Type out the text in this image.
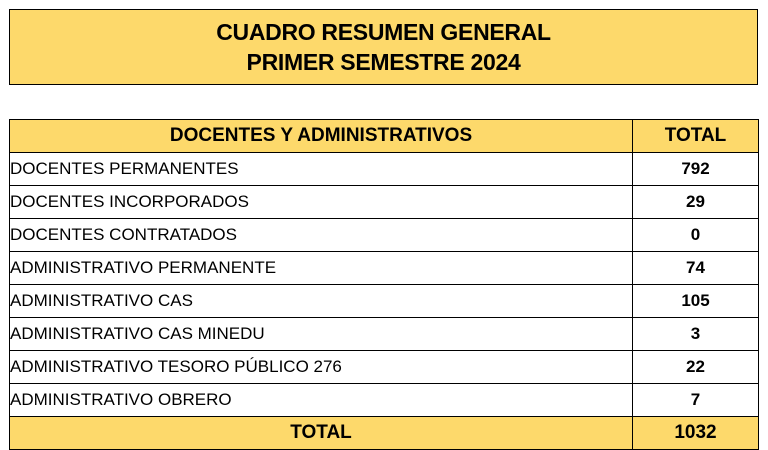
CUADRO RESUMEN GENERAL
PRIMER SEMESTRE 2024
DOCENTES Y ADMINISTRATIVOS	TOTAL
DOCENTES PERMANENTES	792
DOCENTES INCORPORADOS	29
DOCENTES CONTRATADOS	0
ADMINISTRATIVO PERMANENTE	74
ADMINISTRATIVO CAS	105
ADMINISTRATIVO CAS MINEDU	3
ADMINISTRATIVO TESORO PÚBLICO 276	22
ADMINISTRATIVO OBRERO	7
TOTAL	1032
